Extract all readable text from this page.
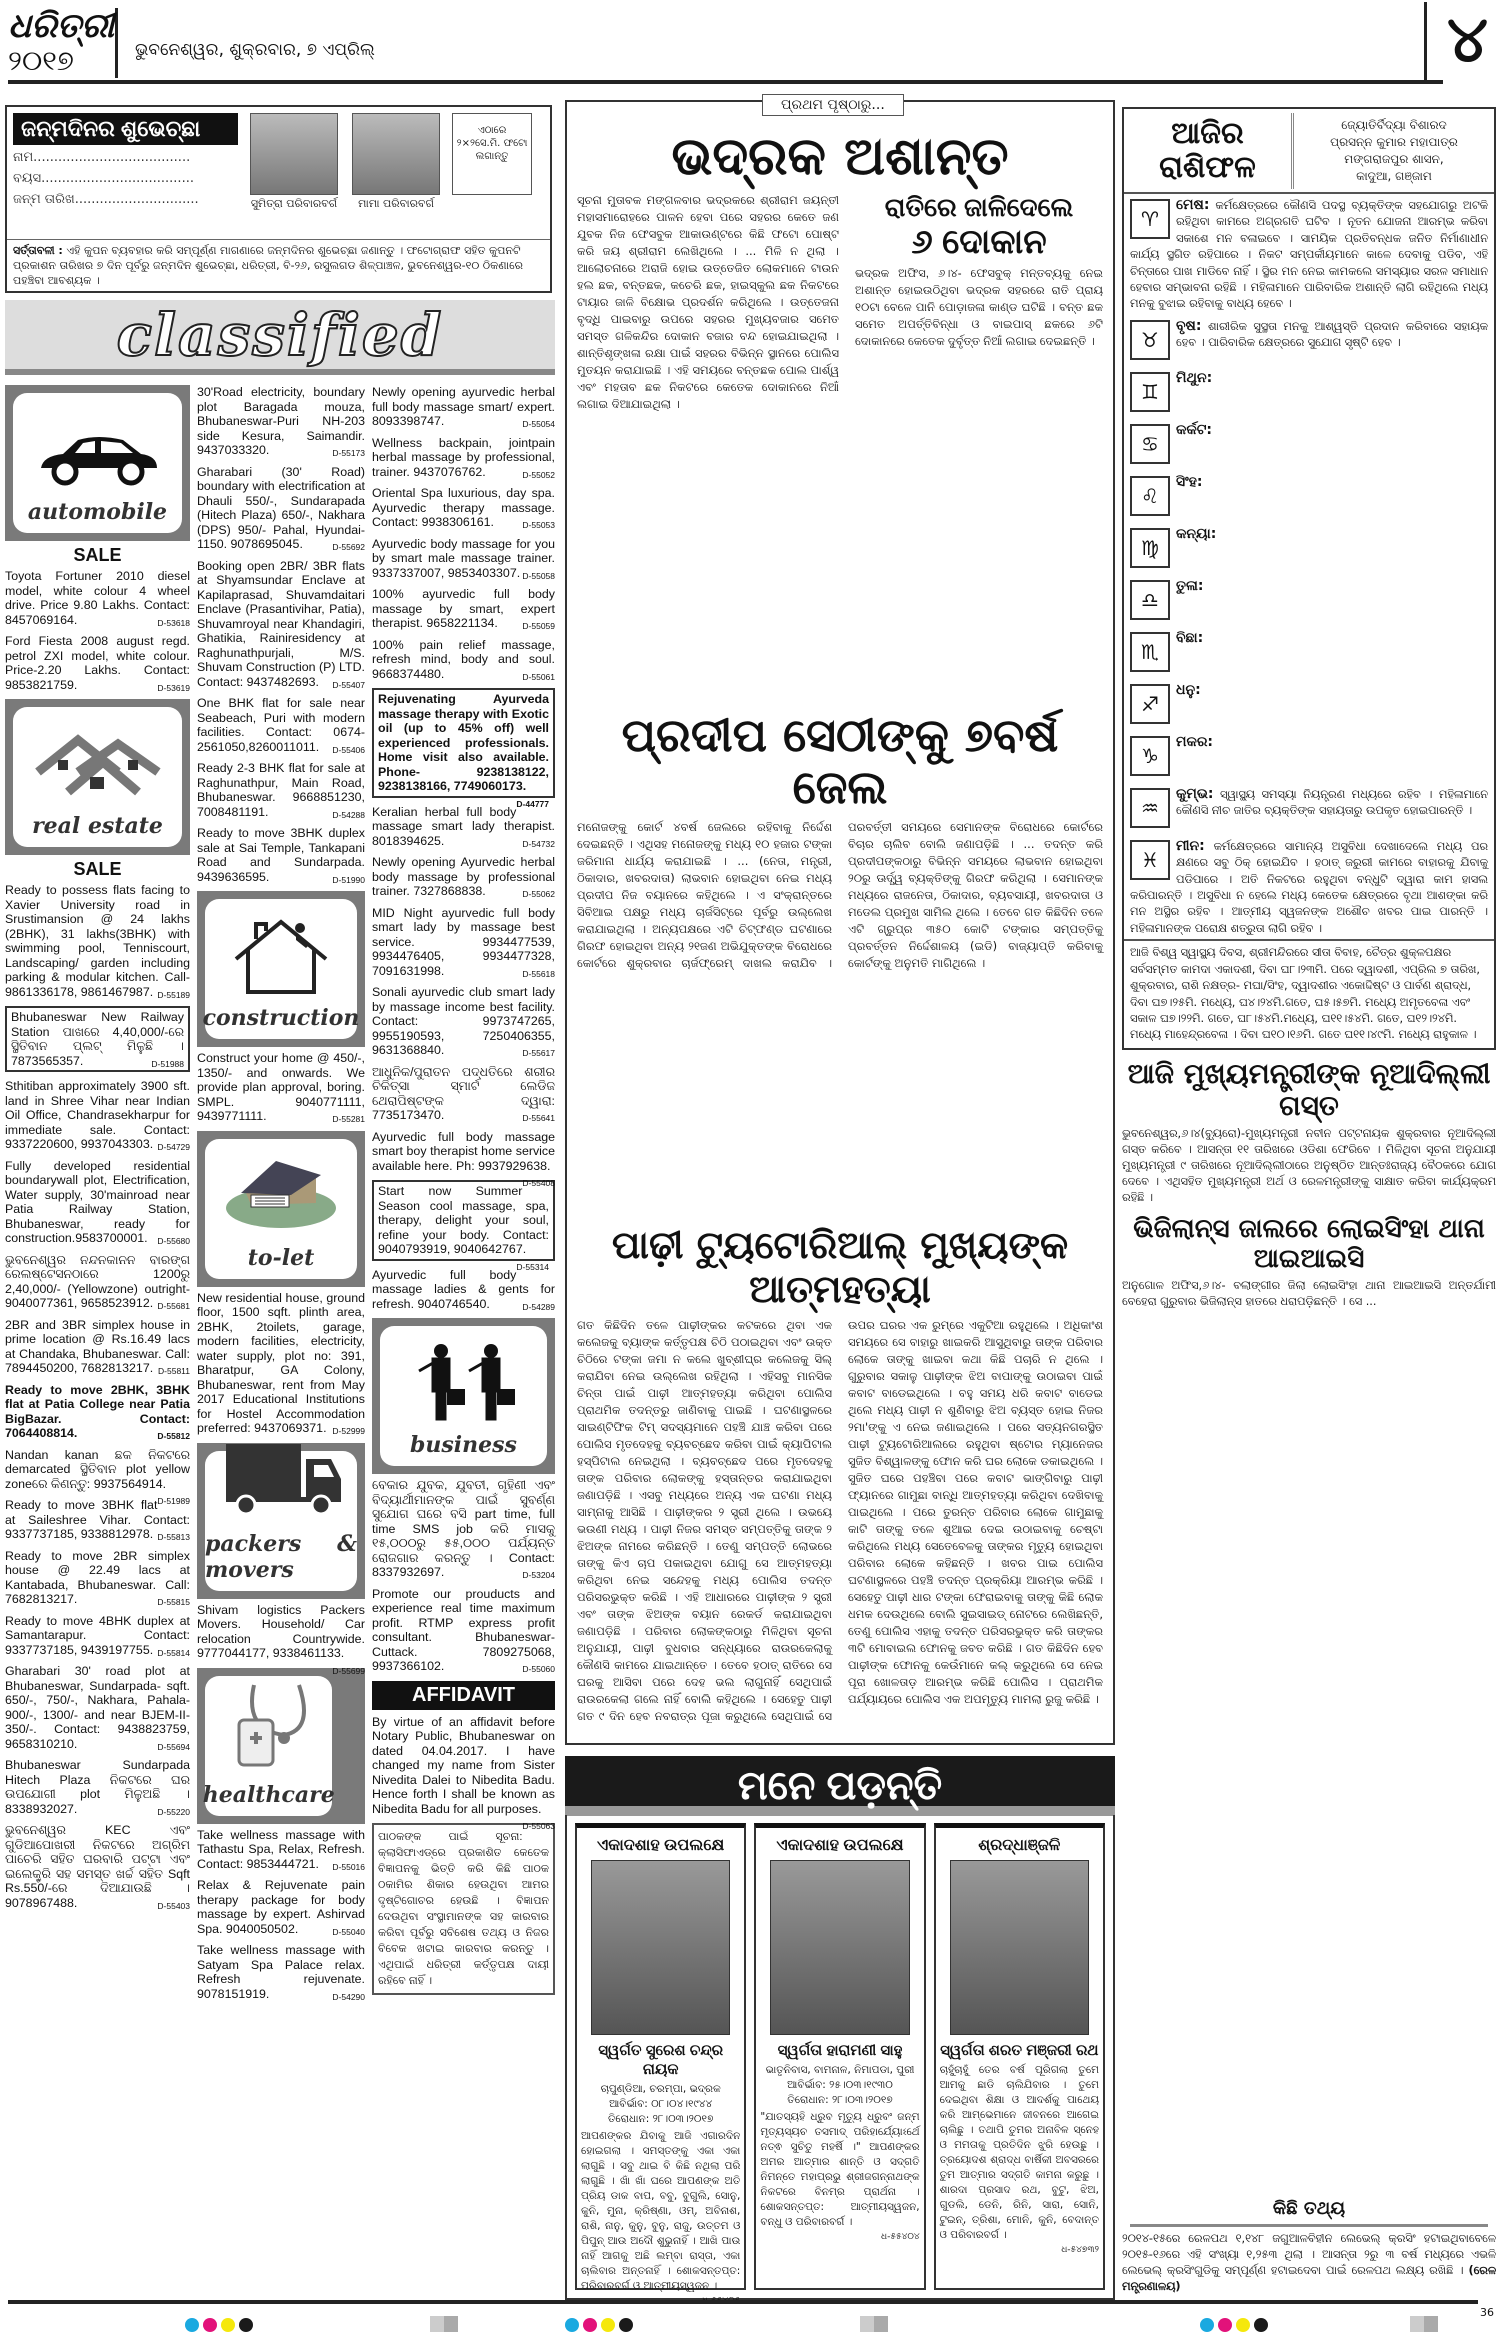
ଧରିତ୍ରୀ
୨୦୧୭	ଭୁବନେଶ୍ୱର, ଶୁକ୍ରବାର, ୭ ଏପ୍ରିଲ୍	୪
ଜନ୍ମଦିନର ଶୁଭେଚ୍ଛା
ନାମ......................................
ବୟସ.....................................
ଜନ୍ମ ତାରିଖ..............................	ସୁମିତ୍ରା ପରିବାରବର୍ଗ	ମାମା ପରିବାରବର୍ଗ
ଏଠାରେ ୨×୨ସେ.ମି. ଫଟୋ ଲଗାନ୍ତୁ
ସର୍ତ୍ତାବଳୀ : ଏହି କୁପନ ବ୍ୟବହାର କରି ସମ୍ପୂର୍ଣ୍ଣ ମାଗଣାରେ ଜନ୍ମଦିନର ଶୁଭେଚ୍ଛା ଜଣାନ୍ତୁ । ଫଟୋଗ୍ରାଫ ସହିତ କୁପନଟି ପ୍ରକାଶନ ତାରିଖର ୭ ଦିନ ପୂର୍ବରୁ ଜନ୍ମଦିନ ଶୁଭେଚ୍ଛା, ଧରିତ୍ରୀ, ବି-୨୬, ରସୁଲଗଡ ଶିଳ୍ପାଞ୍ଚଳ, ଭୁବନେଶ୍ୱର-୧୦ ଠିକଣାରେ ପହଞ୍ଚିବା ଆବଶ୍ୟକ ।
classified
automobile
SALE
Toyota Fortuner 2010 diesel model, white colour 4 wheel drive. Price 9.80 Lakhs. Contact: 8457069164.	D-53618
Ford Fiesta 2008 august regd. petrol ZXI model, white colour. Price-2.20 Lakhs. Contact: 9853821759.	D-53619
real estate
SALE
Ready to possess flats facing to Xavier University road in Srustimansion @ 24 lakhs (2BHK), 31 lakhs(3BHK) with swimming pool, Tenniscourt, Landscaping/ garden including parking & modular kitchen. Call- 9861336178, 9861467987. D-55189
Bhubaneswar New Railway Station ପାଖରେ 4,40,000/-ରେ ସ୍ଥିତିବାନ ପ୍ଲଟ୍ ମିଳୁଛି । 7873565357.	D-51988
Sthitiban approximately 3900 sft. land in Shree Vihar near Indian Oil Office, Chandrasekharpur for immediate sale. Contact: 9337220600, 9937043303. D-54729
Fully developed residential boundarywall plot, Electrification, Water supply, 30'mainroad near Patia Railway Station, Bhubaneswar, ready for construction.9583700001. D-55680
ଭୁବନେଶ୍ୱର ନନ୍ଦନକାନନ ବାରଙ୍ଗ ରେଲଷ୍ଟେସନଠାରେ 1200ରୁ 2,40,000/- (Yellowzone) outright- 9040077361, 9658523912. D-55681
2BR and 3BR simplex house in prime location @ Rs.16.49 lacs at Chandaka, Bhubaneswar. Call: 7894450200, 7682813217. D-55811
Ready to move 2BHK, 3BHK flat at Patia College near Patia BigBazar. Contact: 7064408814.	D-55812
Nandan kanan ଛକ ନିକଟରେ demarcated ସ୍ଥିତିବାନ plot yellow zoneରେ କିଣନ୍ତୁ: 9937564914.
D-51989
Ready to move 3BHK flat at Saileshree Vihar. Contact: 9337737185, 9338812978. D-55813
Ready to move 2BR simplex house @ 22.49 lacs at Kantabada, Bhubaneswar. Call: 7682813217.	D-55815
Ready to move 4BHK duplex at Samantarapur. Contact: 9337737185, 9439197755. D-55814
Gharabari 30' road plot at Bhubaneswar, Sundarpada- sqft. 650/-, 750/-, Nakhara, Pahala- 900/-, 1300/- and near BJEM-II-350/-. Contact: 9438823759, 9658310210.	D-55694
Bhubaneswar Sundarpada Hitech Plaza ନିକଟରେ ଘର ଉପଯୋଗୀ plot ମିଳୁଅଛି । 8338932027.	D-55220
ଭୁବନେଶ୍ୱର KEC ଏବଂ ଗୁଡିଆପୋଖରୀ ନିକଟରେ ଅଗ୍ରିମ ପାଚେରି ସହିତ ଘରବାରି ପଟ୍ଟା ଏବଂ ଇଲେକ୍ଟ୍ରି ସହ ସମସ୍ତ ଖର୍ଚ୍ଚ ସହିତ Sqft Rs.550/-ରେ ଦିଆଯାଉଛି । 9078967488.	D-55403
30'Road electricity, boundary plot Baragada mouza, Bhubaneswar-Puri NH-203 side Kesura, Saimandir. 9437033320.	D-55173
Gharabari (30' Road) boundary with electrification at Dhauli 550/-, Sundarapada (Hitech Plaza) 650/-, Nakhara (DPS) 950/- Pahal, Hyundai-1150. 9078695045.	D-55692
Booking open 2BR/ 3BR flats at Shyamsundar Enclave at Kapilaprasad, Shuvamdaitari Enclave (Prasantivihar, Patia), Shuvamroyal near Khandagiri, Ghatikia, Rainiresidency at Raghunathpurjali, M/S. Shuvam Construction (P) LTD. Contact: 9437482693. D-55407
One BHK flat for sale near Seabeach, Puri with modern facilities. Contact: 0674-2561050,8260011011. D-55406
Ready 2-3 BHK flat for sale at Raghunathpur, Main Road, Bhubaneswar. 9668851230, 7008481191.	D-54288
Ready to move 3BHK duplex sale at Sai Temple, Tankapani Road and Sundarpada. 9439636595.	D-51990
construction
Construct your home @ 450/-, 1350/- and onwards. We provide plan approval, boring. SMPL. 9040771111, 9439771111.	D-55281
to-let
New residential house, ground floor, 1500 sqft. plinth area, 2BHK, 2toilets, garage, modern facilities, electricity, water supply, plot no: 391, Bharatpur, GA Colony, Bhubaneswar, rent from May 2017 Educational Institutions for Hostel Accommodation preferred: 9437069371. D-52999
packers & movers
Shivam logistics Packers Movers. Household/ Car relocation Countrywide. 9777044177, 9338461133.
D-55699
healthcare
Take wellness massage with Tathastu Spa, Relax, Refresh. Contact: 9853444721. D-55016
Relax & Rejuvenate pain therapy package for body massage by expert. Ashirvad Spa. 9040050502.	D-55040
Take wellness massage with Satyam Spa Palace relax. Refresh rejuvenate. 9078151919.	D-54290
Newly opening ayurvedic herbal full body massage smart/ expert. 8093398747.	D-55054
Wellness backpain, jointpain herbal massage by professional, trainer. 9437076762.	D-55052
Oriental Spa luxurious, day spa. Ayurvedic therapy massage. Contact: 9938306161.	D-55053
Ayurvedic body massage for you by smart male massage trainer. 9337337007, 9853403307. D-55058
100% ayurvedic full body massage by smart, expert therapist. 9658221134.	D-55059
100% pain relief massage, refresh mind, body and soul. 9668374480.	D-55061
Rejuvenating Ayurveda massage therapy with Exotic oil (up to 45% off) well experienced professionals. Home visit also available. Phone- 9238138122, 9238138166, 7749060173.
D-44777
Keralian herbal full body massage smart lady therapist. 8018394625.	D-54732
Newly opening Ayurvedic herbal body massage by professional trainer. 7327868838.	D-55062
MID Night ayurvedic full body smart lady by massage best service. 9934477539, 9934476405, 9934477328, 7091631998.	D-55618
Sonali ayurvedic club smart lady by massage income best facility. Contact: 9973747265, 9955190593, 7250406355, 9631368840.	D-55617
ଆଧୁନିକ/ପୁରାତନ ପଦ୍ଧତିରେ ଶରୀର ଚିକିତ୍ସା ସ୍ମାର୍ଟ ଲେଡିଜ ଥେରାପିଷ୍ଟଙ୍କ ଦ୍ୱାରା: 7735173470.	D-55641
Ayurvedic full body massage smart boy therapist home service available here. Ph: 9937929638.
D-55408
Start now Summer Season cool massage, spa, therapy, delight your soul, refine your body. Contact: 9040793919, 9040642767.
D-55314
Ayurvedic full body massage ladies & gents for refresh. 9040746540.	D-54289
business
ବେକାର ଯୁବକ, ଯୁବତୀ, ଗୃହିଣୀ ଏବଂ ବିଦ୍ୟାର୍ଥୀମାନଙ୍କ ପାଇଁ ସୁବର୍ଣ୍ଣ ସୁଯୋଗ ଘରେ ବସି part time, full time SMS job କରି ମାସକୁ ୧୫,୦୦୦ରୁ ୫୫,୦୦୦ ପର୍ଯ୍ୟନ୍ତ ରୋଜଗାର କରନ୍ତୁ । Contact: 8337932697.	D-53204
Promote our prouducts and experience real time maximum profit. RTMP express profit consultant. Bhubaneswar- Cuttack. 7809275068, 9937366102.	D-55060
AFFIDAVIT
By virtue of an affidavit before Notary Public, Bhubaneswar on dated 04.04.2017. I have changed my name from Sister Nivedita Dalei to Nibedita Badu. Hence forth I shall be known as Nibedita Badu for all purposes.
D-55063
ପାଠକଙ୍କ ପାଇଁ ସୂଚନା: କ୍ଲାସିଫାଏଡ୍‌ରେ ପ୍ରକାଶିତ କେତେକ ବିଜ୍ଞାପନକୁ ଭିତ୍ତି କରି କିଛି ପାଠକ ଠକାମିର ଶିକାର ହେଉଥିବା ଆମର ଦୃଷ୍ଟିଗୋଚର ହେଉଛି । ବିଜ୍ଞାପନ ଦେଉଥିବା ସଂସ୍ଥାମାନଙ୍କ ସହ କାରବାର କରିବା ପୂର୍ବରୁ ସବିଶେଷ ତଥ୍ୟ ଓ ନିଜର ବିବେକ ଖଟାଇ କାରବାର କରନ୍ତୁ । ଏଥିପାଇଁ ଧରିତ୍ରୀ କର୍ତ୍ତୃପକ୍ଷ ଦାୟୀ ରହିବେ ନାହିଁ ।
ପ୍ରଥମ ପୃଷ୍ଠାରୁ...
ଭଦ୍ରକ ଅଶାନ୍ତ
ସୂଚନା ମୁତାବକ ମଙ୍ଗଳବାର ଭଦ୍ରକରେ ଶ୍ରୀରାମ ଜୟନ୍ତୀ ମହାସମାରୋହରେ ପାଳନ ହେବା ପରେ ସହରର କେତେ ଜଣ ଯୁବକ ନିଜ ଫେସବୁକ ଆକାଉଣ୍ଟରେ କିଛି ଫଟୋ ପୋଷ୍ଟ କରି ଜୟ ଶ୍ରୀରାମ ଲେଖିଥିଲେ । ... ମିଳି ନ ଥିଲା । ଆଲୋଚନାରେ ଅରାଜି ହୋଇ ଉତ୍ତେଜିତ ଲୋକମାନେ ଟାଉନ ହଲ ଛକ, ବନ୍ତଛକ, କଚେରି ଛକ, ହାଇସ୍କୁଲ ଛକ ନିକଟରେ ଟାୟାର ଜାଳି ବିକ୍ଷୋଭ ପ୍ରଦର୍ଶନ କରିଥିଲେ । ଉତ୍ତେଜନା ବୃଦ୍ଧି ପାଇବାରୁ ଉପରେ ସହରର ମୁଖ୍ୟବଜାର ସମେତ ସମସ୍ତ ଗଳିକନ୍ଦିର ଦୋକାନ ବଜାର ବନ୍ଦ ହୋଇଯାଇଥିଲା । ଶାନ୍ତିଶୃଙ୍ଖଳା ରକ୍ଷା ପାଇଁ ସହରର ବିଭିନ୍ନ ସ୍ଥାନରେ ପୋଲିସ ମୁତୟନ କରାଯାଇଛି । ଏହି ସମୟରେ ବନ୍ତଛକ ପୋଲ ପାର୍ଶ୍ୱ ଏବଂ ମହତାବ ଛକ ନିକଟରେ କେତେକ ଦୋକାନରେ ନିଆଁ ଲଗାଇ ଦିଆଯାଇଥିଲା ।
ରାତିରେ ଜାଳିଦେଲେ
୬ ଦୋକାନ
ଭଦ୍ରକ ଅଫିସ, ୬।୪- ଫେସବୁକ୍ ମନ୍ତବ୍ୟକୁ ନେଇ ଅଶାନ୍ତ ହୋଇଉଠିଥିବା ଭଦ୍ରକ ସହରରେ ରାତି ପ୍ରାୟ ୧୦ଟା ବେଳେ ପାନି ପୋଡ଼ାଜଳା କାଣ୍ଡ ଘଟିଛି । ବନ୍ତ ଛକ ସମେତ ଅପର୍ତ୍ତିବିନ୍ଧା ଓ ବାଇପାସ୍ ଛକରେ ୬ଟି ଦୋକାନରେ କେତେକ ଦୁର୍ବୃତ୍ତ ନିଆଁ ଲଗାଇ ଦେଇଛନ୍ତି ।
ପ୍ରଦୀପ ସେଠୀଙ୍କୁ ୭ବର୍ଷ ଜେଲ
ମନୋଜଙ୍କୁ କୋର୍ଟ ୪ବର୍ଷ ଜେଲରେ ରହିବାକୁ ନିର୍ଦ୍ଦେଶ ଦେଇଛନ୍ତି । ଏଥିସହ ମନୋଜଙ୍କୁ ମଧ୍ୟ ୧୦ ହଜାର ଟଙ୍କା ଜରିମାନା ଧାର୍ଯ୍ୟ କରାଯାଇଛି । ... (ନେତା, ମନ୍ତ୍ରୀ, ଠିକାଦାର, ଖବରଦାତା) ଲାଭବାନ ହୋଇଥିବା ନେଇ ମଧ୍ୟ ପ୍ରଦୀପ ନିଜ ବୟାନରେ କହିଥିଲେ । ଏ ସଂକ୍ରାନ୍ତରେ ସିବିଆଇ ପକ୍ଷରୁ ମଧ୍ୟ ଚାର୍ଜସିଟ୍‌ରେ ପୂର୍ବରୁ ଉଲ୍ଲେଖ କରାଯାଇଥିଲା । ଅନ୍ୟପକ୍ଷରେ ଏଟି ଚିଟ୍‌ଫଣ୍ଡ ଘଟଣାରେ ଗିରଫ ହୋଇଥିବା ଅନ୍ୟ ୨୧ଜଣ ଅଭିଯୁକ୍ତଙ୍କ ବିରୋଧରେ କୋର୍ଟରେ ଶୁକ୍ରବାର ଚାର୍ଜଫ୍ରେମ୍ ଦାଖଲ କରାଯିବ । ପରବର୍ତ୍ତୀ ସମୟରେ ସେମାନଙ୍କ ବିରୋଧରେ କୋର୍ଟରେ ବିଚାର ଚାଲିବ ବୋଲି ଜଣାପଡ଼ିଛି । ... ତଦନ୍ତ କରି ପ୍ରଦୀପଙ୍କଠାରୁ ବିଭିନ୍ନ ସମୟରେ ଲାଭବାନ ହୋଇଥିବା ୨୦ରୁ ଊର୍ଦ୍ଧ୍ୱ ବ୍ୟକ୍ତିଙ୍କୁ ଗିରଫ କରିଥିଲା । ସେମାନଙ୍କ ମଧ୍ୟରେ ରାଜନେତା, ଠିକାଦାର, ବ୍ୟବସାୟୀ, ଖବରଦାତା ଓ ମଡେଲ ପ୍ରମୁଖ ସାମିଲ ଥିଲେ । ତେବେ ଗତ କିଛିଦିନ ତଳେ ଏଟି ଗ୍ରୁପ୍‌ର ୩୫୦ କୋଟି ଟଙ୍କାର ସମ୍ପତ୍ତିକୁ ପ୍ରବର୍ତ୍ତନ ନିର୍ଦ୍ଦେଶାଳୟ (ଇଡି) ବାଜ୍ୟାପ୍ତି କରିବାକୁ କୋର୍ଟଙ୍କୁ ଅନୁମତି ମାଗିଥିଲେ ।
ପାଢ଼ୀ ଟ୍ୟୁଟୋରିଆଲ୍ ମୁଖ୍ୟଙ୍କ ଆତ୍ମହତ୍ୟା
ଗତ କିଛିଦିନ ତଳେ ପାଢ଼ୀଙ୍କର କଟକରେ ଥିବା ଏକ କଲେଜକୁ ବ୍ୟାଙ୍କ କର୍ତ୍ତୃପକ୍ଷ ଚିଠି ପଠାଇଥିବା ଏବଂ ଉକ୍ତ ଚିଠିରେ ଟଙ୍କା ଜମା ନ କଲେ ଖୁବ୍‌ଶୀଘ୍ର କଲେଜକୁ ସିଲ୍ କରାଯିବା ନେଇ ଉଲ୍ଲେଖ ରହିଥିଲା । ଏହିସବୁ ମାନସିକ ଚିନ୍ତା ପାଇଁ ପାଢ଼ୀ ଆତ୍ମହତ୍ୟା କରିଥିବା ପୋଲିସ ପ୍ରାଥମିକ ତଦନ୍ତରୁ ଜାଣିବାକୁ ପାଇଛି । ଘଟଣାସ୍ଥଳରେ ସାଇଣ୍ଟିଫିକ ଟିମ୍ ସଦସ୍ୟମାନେ ପହଞ୍ଚି ଯାଞ୍ଚ କରିବା ପରେ ପୋଲିସ ମୃତଦେହକୁ ବ୍ୟବଚ୍ଛେଦ କରିବା ପାଇଁ କ୍ୟାପିଟାଲ ହସ୍ପିଟାଲ ନେଇଥିଲା । ବ୍ୟବଚ୍ଛେଦ ପରେ ମୃତଦେହକୁ ତାଙ୍କ ପରିବାର ଲୋକଙ୍କୁ ହସ୍ତାନ୍ତର କରାଯାଇଥିବା ଜଣାପଡ଼ିଛି । ଏସବୁ ମଧ୍ୟରେ ଅନ୍ୟ ଏକ ଘଟଣା ମଧ୍ୟ ସାମ୍ନାକୁ ଆସିଛି । ପାଢ଼ୀଙ୍କର ୨ ସ୍ତ୍ରୀ ଥିଲେ । ଉଭୟେ ଭଉଣୀ ମଧ୍ୟ । ପାଢ଼ୀ ନିଜର ସମସ୍ତ ସମ୍ପତ୍ତିକୁ ତାଙ୍କ ୨ ଝିଅଙ୍କ ନାମରେ କରିଛନ୍ତି । ତେଣୁ ସମ୍ପତ୍ତି ଲୋଭରେ ତାଙ୍କୁ କିଏ ଚାପ ପକାଇଥିବା ଯୋଗୁ ସେ ଆତ୍ମହତ୍ୟା କରିଥିବା ନେଇ ସନ୍ଦେହକୁ ମଧ୍ୟ ପୋଲିସ ତଦନ୍ତ ପରିସରଭୁକ୍ତ କରିଛି । ଏହି ଆଧାରରେ ପାଢ଼ୀଙ୍କ ୨ ସ୍ତ୍ରୀ ଏବଂ ତାଙ୍କ ଝିଅଙ୍କ ବୟାନ ରେକର୍ଡ କରାଯାଇଥିବା ଜଣାପଡ଼ିଛି । ପରିବାର ଲୋକଙ୍କଠାରୁ ମିଳିଥିବା ସୂଚନା ଅନୁଯାୟୀ, ପାଢ଼ୀ ବୁଧବାର ସନ୍ଧ୍ୟାରେ ରାଉରକେଲାକୁ କୌଣସି କାମରେ ଯାଇଥାନ୍ତେ । ତେବେ ହଠାତ୍ ରାତିରେ ସେ ଘରକୁ ଆସିବା ପରେ ଦେହ ଭଲ ଲାଗୁନାହିଁ ସେଥିପାଇଁ ରାଉରକେଲା ଗଲେ ନାହିଁ ବୋଲି କହିଥିଲେ । ସେହେତୁ ପାଢ଼ୀ ଗତ ୯ ଦିନ ହେବ ନବରାତ୍ର ପୂଜା କରୁଥିଲେ ସେଥିପାଇଁ ସେ ଉପର ଘରର ଏକ ରୁମ୍‌ରେ ଏକୁଟିଆ ରହୁଥିଲେ । ଅଧିକାଂଶ ସମୟରେ ସେ ବାହାରୁ ଖାଇକରି ଆସୁଥିବାରୁ ତାଙ୍କ ପରିବାର ଲୋକେ ତାଙ୍କୁ ଖାଇବା କଥା କିଛି ପଚାରି ନ ଥିଲେ । ଗୁରୁବାର ସକାଳୁ ପାଢ଼ୀଙ୍କ ଝିଅ ବାପାଙ୍କୁ ଉଠାଇବା ପାଇଁ କବାଟ ବାଡେଇଥିଲେ । ବହୁ ସମୟ ଧରି କବାଟ ବାଡେଇ ଥିଲେ ମଧ୍ୟ ପାଢ଼ୀ ନ ଶୁଣିବାରୁ ଝିଅ ବ୍ୟସ୍ତ ହୋଇ ନିଜର ୨ମା'ଙ୍କୁ ଏ ନେଇ ଜଣାଇଥିଲେ । ପରେ ସତ୍ୟନଗରସ୍ଥିତ ପାଢ଼ୀ ଟ୍ୟୁଟୋରିଆଲରେ ରହୁଥିବା ଷ୍ଟୋର ମ୍ୟାନେଜର ସୁଜିତ ବିଶ୍ୱାଳଙ୍କୁ ଫୋନ କରି ଘର ଲୋକେ ଡକାଇଥିଲେ । ସୁଜିତ ଘରେ ପହଞ୍ଚିବା ପରେ କବାଟ ଭାଙ୍ଗିବାରୁ ପାଢ଼ୀ ଫ୍ୟାନରେ ଗାମୁଛା ବାନ୍ଧି ଆତ୍ମହତ୍ୟା କରିଥିବା ଦେଖିବାକୁ ପାଇଥିଲେ । ପରେ ତୁରନ୍ତ ପରିବାର ଲୋକେ ଗାମୁଛାକୁ କାଟି ତାଙ୍କୁ ତଳେ ଶୁଆଇ ଦେଇ ଉଠାଇବାକୁ ଚେଷ୍ଟା କରିଥିଲେ ମଧ୍ୟ ସେତେବେଳକୁ ତାଙ୍କର ମୃତ୍ୟୁ ହୋଇଥିବା ପରିବାର ଲୋକେ କହିଛନ୍ତି । ଖବର ପାଇ ପୋଲିସ ଘଟଣାସ୍ଥଳରେ ପହଞ୍ଚି ତଦନ୍ତ ପ୍ରକ୍ରିୟା ଆରମ୍ଭ କରିଛି । ସେହେତୁ ପାଢ଼ୀ ଧାର ଟଙ୍କା ଫେରାଇବାକୁ ତାଙ୍କୁ କିଛି ଲୋକ ଧମକ ଦେଉଥିଲେ ବୋଲି ସୁଇସାଇଡ୍ ନୋଟରେ ଲେଖିଛନ୍ତି, ତେଣୁ ପୋଲିସ ଏହାକୁ ତଦନ୍ତ ପରିସରଭୁକ୍ତ କରି ତାଙ୍କର ୩ଟି ମୋବାଇଲ ଫୋନକୁ ଜବତ କରିଛି । ଗତ କିଛିଦିନ ହେବ ପାଢ଼ୀଙ୍କ ଫୋନକୁ କେଉଁମାନେ କଲ୍ କରୁଥିଲେ ସେ ନେଇ ପୂରା ଖୋଳତାଡ଼ ଆରମ୍ଭ କରିଛି ପୋଲିସ । ପ୍ରାଥମିକ ପର୍ଯ୍ୟାୟରେ ପୋଲିସ ଏକ ଅପମୃତ୍ୟୁ ମାମଲା ରୁଜୁ କରିଛି ।
ମନେ ପଡ଼ନ୍ତି
ଏକାଦଶାହ ଉପଲକ୍ଷେ
ସ୍ୱର୍ଗତ ସୁରେଶ ଚନ୍ଦ୍ର ନାୟକ
ଚାପୁଣ୍ଡିଆ, ଚରମ୍ପା, ଭଦ୍ରକ
ଆବିର୍ଭାବ: ୦୮।୦୪।୧୯୪୪
ତିରୋଧାନ: ୨୮।୦୩।୨୦୧୭
ଆପଣଙ୍କର ଯିବାକୁ ଆଜି ଏଗାରଦିନ ହୋଇଗଲା । ସମସ୍ତଙ୍କୁ ଏକା ଏକା ଲାଗୁଛି । ସବୁ ଥାଇ ବି କିଛି ନଥିଲା ପରି ଲାଗୁଛି । ଖାଁ ଖାଁ ଘରେ ଆପଣଙ୍କ ଅତି ପ୍ରିୟ ଡାକ ବାପ, ବବୁ, ବୁଗୁଲି, ସୋନୁ, କୁନି, ମୁନା, କ୍ରିଷ୍ଣା, ଓମ୍, ଅବିନାଶ, ରାଶି, ନାନୁ, କୁନୁ, ବୁନୁ, ରାଜୁ, ଉତ୍ତମ ଓ ପିପୁନ୍ ଆଉ ଅଦୌ ଶୁଭୁନାହିଁ । ଆଖି ପାଉ ନାହିଁ ଆଗକୁ ଅଛି ଲମ୍ବା ରାସ୍ତା, ଏକା ଚାଲିବାର ଅନ୍ତନାହିଁ । ଶୋକସନ୍ତପ୍ତ: ପରିବାରବର୍ଗ ଓ ଆତ୍ମୀୟସ୍ୱଜନ ।
ଏକାଦଶାହ ଉପଲକ୍ଷେ
ସ୍ୱର୍ଗତା ହାରାମଣୀ ସାହୁ
ଭାତୃନିବାସ, ବାମନାଳ, ନିମାପଡା, ପୁରୀ
ଆବିର୍ଭାବ: ୨୫।୦୩।୧୯୩୦
ତିରୋଧାନ: ୨୮।୦୩।୨୦୧୭
"ଯାତସ୍ୟହି ଧ୍ରୁବ ମୃତ୍ୟୁ ଧ୍ରୁବଂ ଜନ୍ମ ମୃତ୍ୟସ୍ୟଚ ତସମାଦ୍ ପରିହାର୍ଯ୍ୟୋଽର୍ଥେ ନତ୍ଵ ସୁଚିତୁ ମହର୍ଷି ।" ଆପଣଙ୍କର ଅମର ଆତ୍ମାର ଶାନ୍ତି ଓ ସଦ୍‌ଗତି ନିମନ୍ତେ ମହାପ୍ରଭୁ ଶ୍ରୀଜଗନ୍ନାଥଙ୍କ ନିକଟରେ ବିନମ୍ର ପ୍ରାର୍ଥନା । ଶୋକସନ୍ତପ୍ତ: ଆତ୍ମୀୟସ୍ୱଜନ, ବନ୍ଧୁ ଓ ପରିବାରବର୍ଗ ।
ଧ-୫୫୪୦୪
ଶ୍ରଦ୍ଧାଞ୍ଜଳି
ସ୍ୱର୍ଗତା ଶରତ ମଞ୍ଜରୀ ରଥ
ଚାହୁଁଚାହୁଁ ତେର ବର୍ଷ ପୂରିଗଲା ତୁମେ ଆମକୁ ଛାଡି ଚାଲିଯିବାର । ତୁମେ ଦେଇଥିବା ଶିକ୍ଷା ଓ ଆଦର୍ଶକୁ ପାଥେୟ କରି ଆମ୍ଭେମାନେ ଜୀବନରେ ଆଗେଇ ଚାଲିଛୁ । ତଥାପି ତୁମର ଅନାବିଳ ସ୍ନେହ ଓ ମମତାକୁ ପ୍ରତିଦିନ ଝୁରି ହେଉଛୁ । ତ୍ରୟୋଦଶ ଶ୍ରାଦ୍ଧ ବାର୍ଷିକୀ ଅବସରରେ ତୁମ ଆତ୍ମାର ସଦ୍‌ଗତି କାମନା କରୁଛୁ । ଶାରଦା ପ୍ରସାଦ ରଥ, ବୁଟୁ, ଝିଅ, ଗୁଡଲି, ଡେନି, ରିନି, ସାରା, ସୋନି, ଟୁଇନ୍, ତ୍ରିଶା, ମୋନି, କୁନି, ବେଦାନ୍ତ ଓ ପରିବାରବର୍ଗ ।
ଧ-୫୪୭୩୨
ଆଜିର ରାଶିଫଳ
ଜ୍ୟୋତିର୍ବିଦ୍ୟା ବିଶାରଦ
ପ୍ରସନ୍ନ କୁମାର ମହାପାତ୍ର
ମଙ୍ଗରାଜପୁର ଶାସନ,
କାଦୁଆ, ଗଞ୍ଜାମ
♈
ମେଷ: କର୍ମକ୍ଷେତ୍ରରେ କୌଣସି ପଦସ୍ଥ ବ୍ୟକ୍ତିଙ୍କ ସହଯୋଗରୁ ଅଟକି ରହିଥିବା କାମରେ ଅଗ୍ରଗତି ଘଟିବ । ନୂତନ ଯୋଜନା ଆରମ୍ଭ କରିବା ସକାଶେ ମନ ବଳାଇବେ । ସାମୟିକ ପ୍ରତିବନ୍ଧକ ଜନିତ ନିର୍ମାଣାଧୀନ କାର୍ଯ୍ୟ ସ୍ଥଗିତ ରହିପାରେ । ନିକଟ ସମ୍ପର୍କୀୟମାନେ କାଳେ ଦେବାକୁ ପଡିବ, ଏହି ଚିନ୍ତାରେ ପାଖ ମାଡିବେ ନାହିଁ । ସ୍ଥିର ମନ ନେଇ କାମକଲେ ସମସ୍ୟାର ସରଳ ସମାଧାନ ହେବାର ସମ୍ଭାବନା ରହିଛି । ମହିଳାମାନେ ପାରିବାରିକ ଅଶାନ୍ତି ଲାଗି ରହିଥିଲେ ମଧ୍ୟ ମନକୁ ବୁଝାଇ ରହିବାକୁ ବାଧ୍ୟ ହେବେ ।
♉
ବୃଷ: ଶାରୀରିକ ସୁସ୍ଥତା ମନକୁ ଆଶ୍ୱସ୍ତି ପ୍ରଦାନ କରିବାରେ ସହାୟକ ହେବ । ପାରିବାରିକ କ୍ଷେତ୍ରରେ ସୁଯୋଗ ସୃଷ୍ଟି ହେବ ।
♊
ମିଥୁନ:
♋
କର୍କଟ:
♌
ସିଂହ:
♍
କନ୍ୟା:
♎
ତୁଳା:
♏
ବିଛା:
♐
ଧନୁ:
♑
ମକର:
♒
କୁମ୍ଭ: ସ୍ୱାସ୍ଥ୍ୟ ସମସ୍ୟା ନିୟନ୍ତ୍ରଣ ମଧ୍ୟରେ ରହିବ । ମହିଳାମାନେ କୌଣସି ନୀଚ ଜାତିର ବ୍ୟକ୍ତିଙ୍କ ସହାୟତାରୁ ଉପକୃତ ହୋଇପାରନ୍ତି ।
♓
ମୀନ: କର୍ମକ୍ଷେତ୍ରରେ ସାମାନ୍ୟ ଅସୁବିଧା ଦେଖାଦେଲେ ମଧ୍ୟ ପର କ୍ଷଣରେ ସବୁ ଠିକ୍ ହୋଇଯିବ । ହଠାତ୍ ଜରୁରୀ କାମରେ ବାହାରକୁ ଯିବାକୁ ପଡିପାରେ । ଅତି ନିକଟରେ ରହୁଥିବା ବନ୍ଧୁଟି ଦ୍ୱାରା କାମ ହାସଲ କରିପାରନ୍ତି । ଅସୁବିଧା ନ ହେଲେ ମଧ୍ୟ କେତେକ କ୍ଷେତ୍ରରେ ବୃଥା ଆଶଙ୍କା କରି ମନ ଅସ୍ଥିର ରହିବ । ଆତ୍ମୀୟ ସ୍ୱଜନଙ୍କ ଅଶୌଚ ଖବର ପାଇ ପାରନ୍ତି । ମହିଳାମାନଙ୍କ ପରୋକ୍ଷ ଶତ୍ରୁତା ଲାଗି ରହିବ ।
ଆଜି ବିଶ୍ୱ ସ୍ୱାସ୍ଥ୍ୟ ଦିବସ, ଶ୍ରୀମନ୍ଦିରରେ ସୀତା ବିବାହ, ଚୈତ୍ର ଶୁକ୍ଳପକ୍ଷର ସର୍ବସମ୍ମତ କାମଦା ଏକାଦଶୀ, ଦିବା ଘ୮।୨୩ମି. ପରେ ଦ୍ୱାଦଶୀ, ଏପ୍ରିଲ ୭ ତାରିଖ, ଶୁକ୍ରବାର, ରାଶି ନକ୍ଷତ୍ର- ମଘା/ସିଂହ, ଦ୍ୱାଦଶୀର ଏକୋଦ୍ଦିଷ୍ଟ ଓ ପାର୍ବଣ ଶ୍ରାଦ୍ଧ, ଦିବା ଘ୭।୨୫ମି. ମଧ୍ୟେ, ଘ୪।୨୪ମି.ଗତେ, ଘ୫।୫୭ମି. ମଧ୍ୟେ ଅମୃତବେଳା ଏବଂ ସକାଳ ଘ୭।୨୨ମି. ଗତେ, ଘ୮।୫୪ମି.ମଧ୍ୟେ, ଘ୧୧।୫୪ମି. ଗତେ, ଘ୧୨।୨୪ମି. ମଧ୍ୟେ ମାହେନ୍ଦ୍ରବେଳା । ଦିବା ଘ୧୦।୧୬ମି. ଗତେ ଘ୧୧।୪୯ମି. ମଧ୍ୟେ ରାହୁକାଳ ।
ଆଜି ମୁଖ୍ୟମନ୍ତ୍ରୀଙ୍କ ନୂଆଦିଲ୍ଲୀ ଗସ୍ତ
ଭୁବନେଶ୍ୱର,୬।୪(ବ୍ୟୁରୋ)-ମୁଖ୍ୟମନ୍ତ୍ରୀ ନବୀନ ପଟ୍ଟନାୟକ ଶୁକ୍ରବାର ନୂଆଦିଲ୍ଲୀ ଗସ୍ତ କରିବେ । ଆସନ୍ତା ୧୧ ତାରିଖରେ ଓଡିଶା ଫେରିବେ । ମିଳିଥିବା ସୂଚନା ଅନୁଯାୟୀ ମୁଖ୍ୟମନ୍ତ୍ରୀ ୯ ତାରିଖରେ ନୂଆଦିଲ୍ଲୀଠାରେ ଅନୁଷ୍ଠିତ ଆନ୍ତଃରାଜ୍ୟ ବୈଠକରେ ଯୋଗ ଦେବେ । ଏଥିସହିତ ମୁଖ୍ୟମନ୍ତ୍ରୀ ଅର୍ଥ ଓ ରେଳମନ୍ତ୍ରୀଙ୍କୁ ସାକ୍ଷାତ କରିବା କାର୍ଯ୍ୟକ୍ରମ ରହିଛି ।
ଭିଜିଲାନ୍ସ ଜାଲରେ ଲୋଇସିଂହା ଥାନା ଆଇଆଇସି
ଅନୁଗୋଳ ଅଫିସ,୬।୪- ବଲାଙ୍ଗୀର ଜିଲା ଲୋଇସିଂହା ଥାନା ଆଇଆଇସି ଅନ୍ତର୍ଯାମୀ ବେହେରା ଗୁରୁବାର ଭିଜିଲାନ୍ସ ହାତରେ ଧରାପଡ଼ିଛନ୍ତି । ସେ ...
କିଛି ତଥ୍ୟ
୨୦୧୪-୧୫ରେ ରେଳପଥ ୧,୧୪୮ ଜଗୁଆଳବିହୀନ ଲେଭେଲ୍ କ୍ରସିଂ ହଟାଇଥିବାବେଳେ ୨୦୧୫-୧୬ରେ ଏହି ସଂଖ୍ୟା ୧,୨୫୩ ଥିଲା । ଆସନ୍ତା ୨ରୁ ୩ ବର୍ଷ ମଧ୍ୟରେ ଏଭଳି ଲେଭେଲ୍ କ୍ରସିଂଗୁଡିକୁ ସମ୍ପୂର୍ଣ୍ଣ ହଟାଇଦେବା ପାଇଁ ରେଳପଥ ଲକ୍ଷ୍ୟ ରଖିଛି । (ରେଳ ମନ୍ତ୍ରଣାଳୟ)
36
